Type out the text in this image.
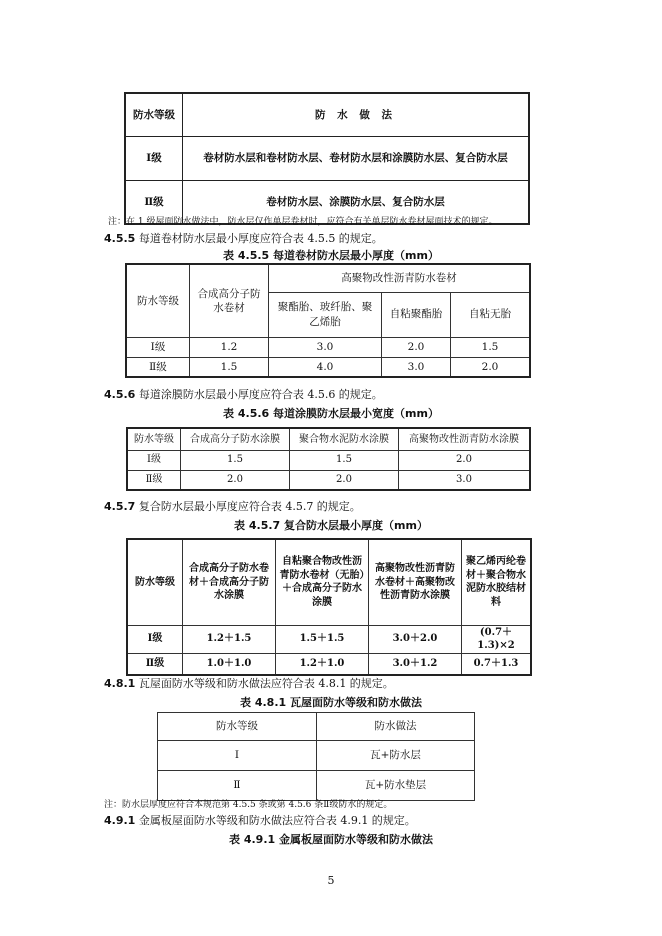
防水等级	防 水 做 法
Ⅰ级	卷材防水层和卷材防水层、卷材防水层和涂膜防水层、复合防水层
Ⅱ级	卷材防水层、涂膜防水层、复合防水层
注：在 1 级屋面防水做法中，防水层仅作单层卷材时，应符合有关单层防水卷材屋面技术的规定。
4.5.5 每道卷材防水层最小厚度应符合表 4.5.5 的规定。
表 4.5.5 每道卷材防水层最小厚度（mm）
防水等级	合成高分子防水卷材	高聚物改性沥青防水卷材		
		聚酯胎、玻纤胎、聚乙烯胎	自粘聚酯胎	自粘无胎
Ⅰ级	1.2	3.0	2.0	1.5
Ⅱ级	1.5	4.0	3.0	2.0
4.5.6 每道涂膜防水层最小厚度应符合表 4.5.6 的规定。
表 4.5.6 每道涂膜防水层最小宽度（mm）
防水等级	合成高分子防水涂膜	聚合物水泥防水涂膜	高聚物改性沥青防水涂膜
Ⅰ级	1.5	1.5	2.0
Ⅱ级	2.0	2.0	3.0
4.5.7 复合防水层最小厚度应符合表 4.5.7 的规定。
表 4.5.7 复合防水层最小厚度（mm）
防水等级	合成高分子防水卷材＋合成高分子防水涂膜	自粘聚合物改性沥青防水卷材（无胎）＋合成高分子防水涂膜	高聚物改性沥青防水卷材＋高聚物改性沥青防水涂膜	聚乙烯丙纶卷材＋聚合物水泥防水胶结材料
Ⅰ级	1.2＋1.5	1.5＋1.5	3.0＋2.0	(0.7＋1.3)×2
Ⅱ级	1.0＋1.0	1.2＋1.0	3.0＋1.2	0.7＋1.3
4.8.1 瓦屋面防水等级和防水做法应符合表 4.8.1 的规定。
表 4.8.1 瓦屋面防水等级和防水做法
防水等级	防水做法
Ⅰ	瓦+防水层
Ⅱ	瓦+防水垫层
注：防水层厚度应符合本规范第 4.5.5 条或第 4.5.6 条Ⅱ级防水的规定。
4.9.1 金属板屋面防水等级和防水做法应符合表 4.9.1 的规定。
表 4.9.1 金属板屋面防水等级和防水做法
5
